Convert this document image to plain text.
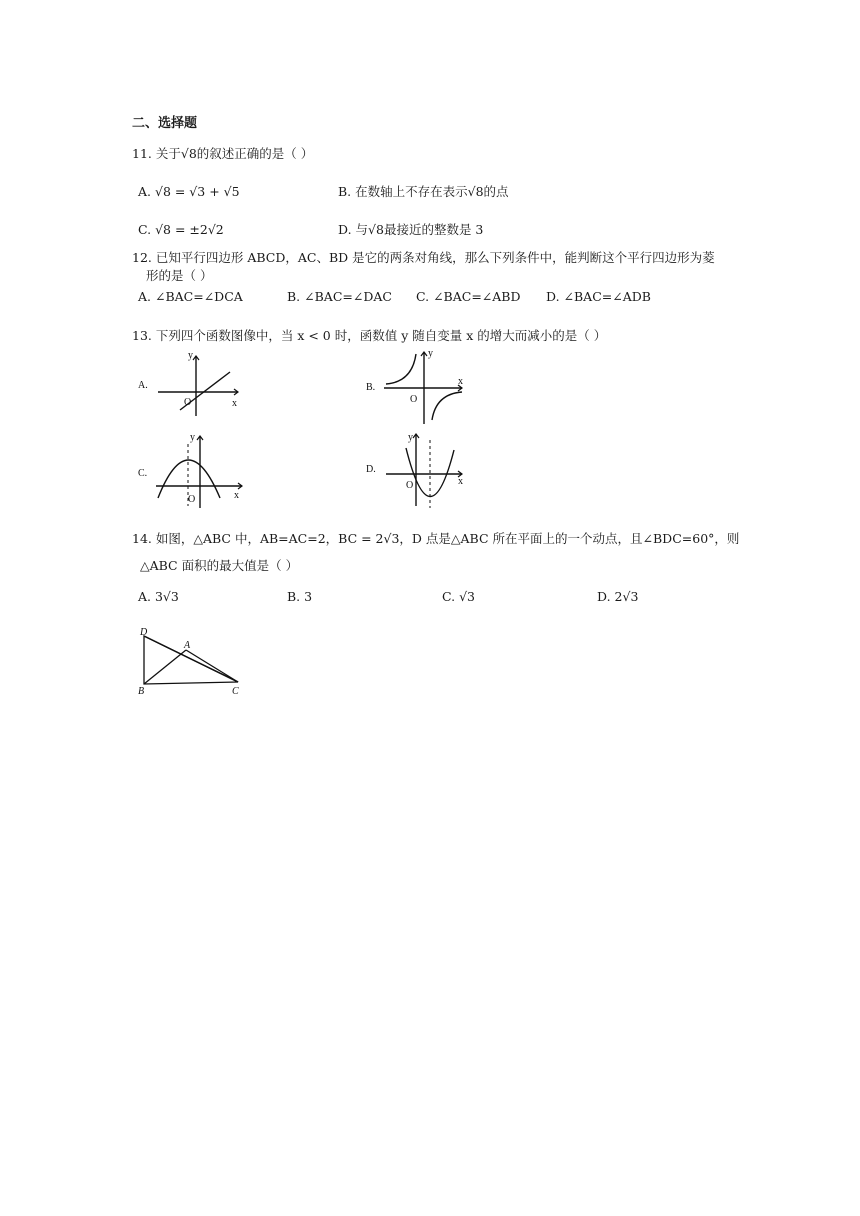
二、选择题
11. 关于√8的叙述正确的是（ ）
A. √8 = √3 + √5	B. 在数轴上不存在表示√8的点
C. √8 = ±2√2	D. 与√8最接近的整数是 3
12. 已知平行四边形 ABCD，AC、BD 是它的两条对角线，那么下列条件中，能判断这个平行四边形为菱
形的是（ ）
A. ∠BAC=∠DCA	B. ∠BAC=∠DAC C. ∠BAC=∠ABD D. ∠BAC=∠ADB
13. 下列四个函数图像中，当 x < 0 时，函数值 y 随自变量 x 的增大而减小的是（ ）
A.
O	x
y
B.
O
x
y
C.
O	x
y
D.
O	x
y
14. 如图，△ABC 中，AB=AC=2，BC = 2√3，D 点是△ABC 所在平面上的一个动点，且∠BDC=60°，则
△ABC 面积的最大值是（ ）
A. 3√3	B. 3	C. √3	D. 2√3
D
A
B	C
